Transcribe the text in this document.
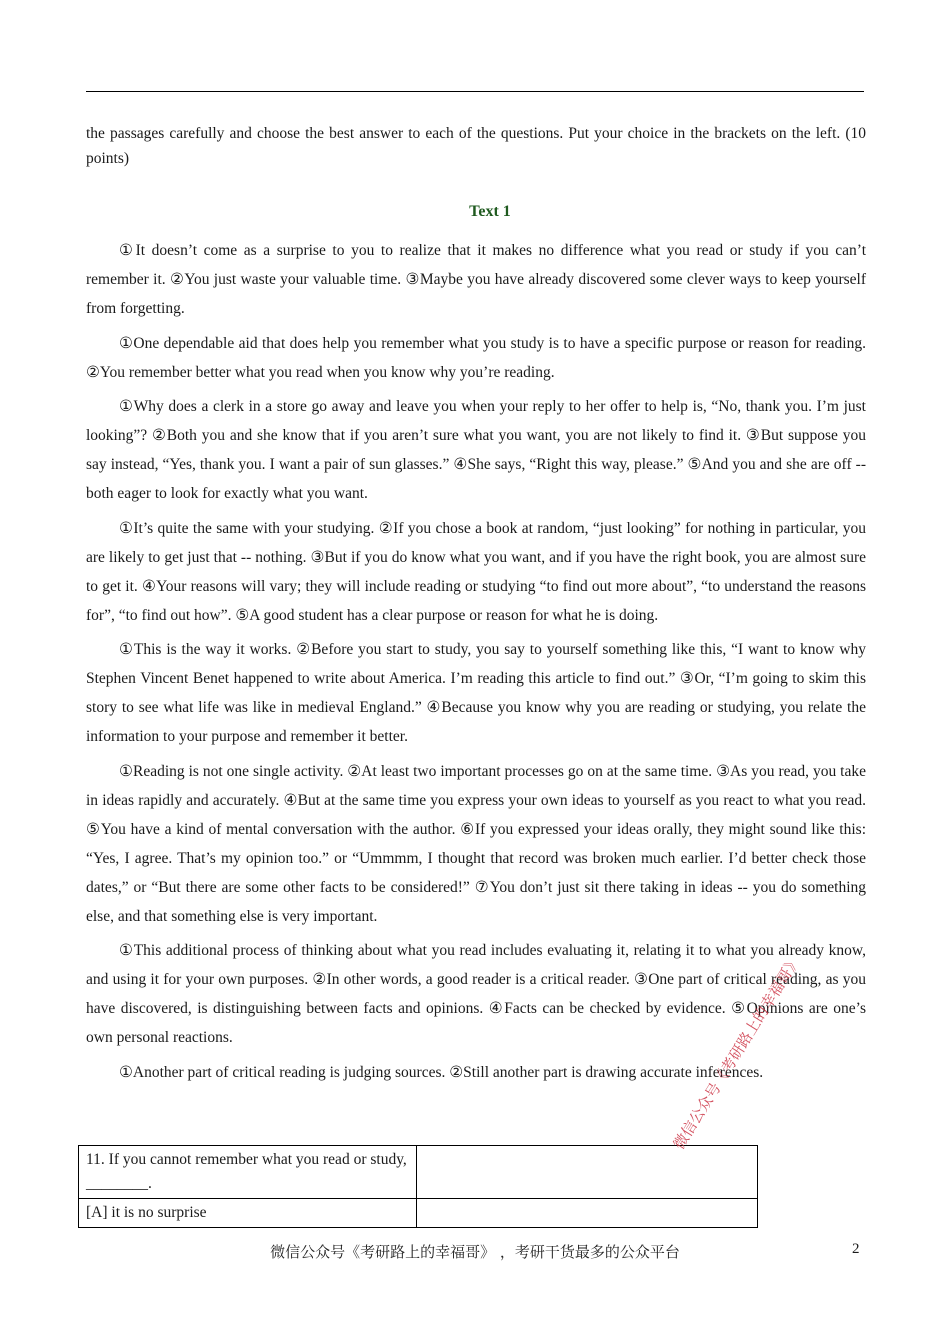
the passages carefully and choose the best answer to each of the questions. Put your choice in the brackets on the left. (10 points)
Text 1

①It doesn’t come as a surprise to you to realize that it makes no difference what you read or study if you can’t remember it. ②You just waste your valuable time. ③Maybe you have already discovered some clever ways to keep yourself from forgetting.

①One dependable aid that does help you remember what you study is to have a specific purpose or reason for reading. ②You remember better what you read when you know why you’re reading.

①Why does a clerk in a store go away and leave you when your reply to her offer to help is, “No, thank you. I’m just looking”? ②Both you and she know that if you aren’t sure what you want, you are not likely to find it. ③But suppose you say instead, “Yes, thank you. I want a pair of sun glasses.” ④She says, “Right this way, please.” ⑤And you and she are off -- both eager to look for exactly what you want.

①It’s quite the same with your studying. ②If you chose a book at random, “just looking” for nothing in particular, you are likely to get just that -- nothing. ③But if you do know what you want, and if you have the right book, you are almost sure to get it. ④Your reasons will vary; they will include reading or studying “to find out more about”, “to understand the reasons for”, “to find out how”. ⑤A good student has a clear purpose or reason for what he is doing.

①This is the way it works. ②Before you start to study, you say to yourself something like this, “I want to know why Stephen Vincent Benet happened to write about America. I’m reading this article to find out.” ③Or, “I’m going to skim this story to see what life was like in medieval England.” ④Because you know why you are reading or studying, you relate the information to your purpose and remember it better.

①Reading is not one single activity. ②At least two important processes go on at the same time. ③As you read, you take in ideas rapidly and accurately. ④But at the same time you express your own ideas to yourself as you react to what you read. ⑤You have a kind of mental conversation with the author. ⑥If you expressed your ideas orally, they might sound like this: “Yes, I agree. That’s my opinion too.” or “Ummmm, I thought that record was broken much earlier. I’d better check those dates,” or “But there are some other facts to be considered!” ⑦You don’t just sit there taking in ideas -- you do something else, and that something else is very important.

①This additional process of thinking about what you read includes evaluating it, relating it to what you already know, and using it for your own purposes. ②In other words, a good reader is a critical reader. ③One part of critical reading, as you have discovered, is distinguishing between facts and opinions. ④Facts can be checked by evidence. ⑤Opinions are one’s own personal reactions.

①Another part of critical reading is judging sources. ②Still another part is drawing accurate inferences.

11. If you cannot remember what you read or study, ________.	
[A] it is no surprise	
微信公众号《考研路上的幸福哥》
微信公众号《考研路上的幸福哥》 ，考研干货最多的公众平台	2
